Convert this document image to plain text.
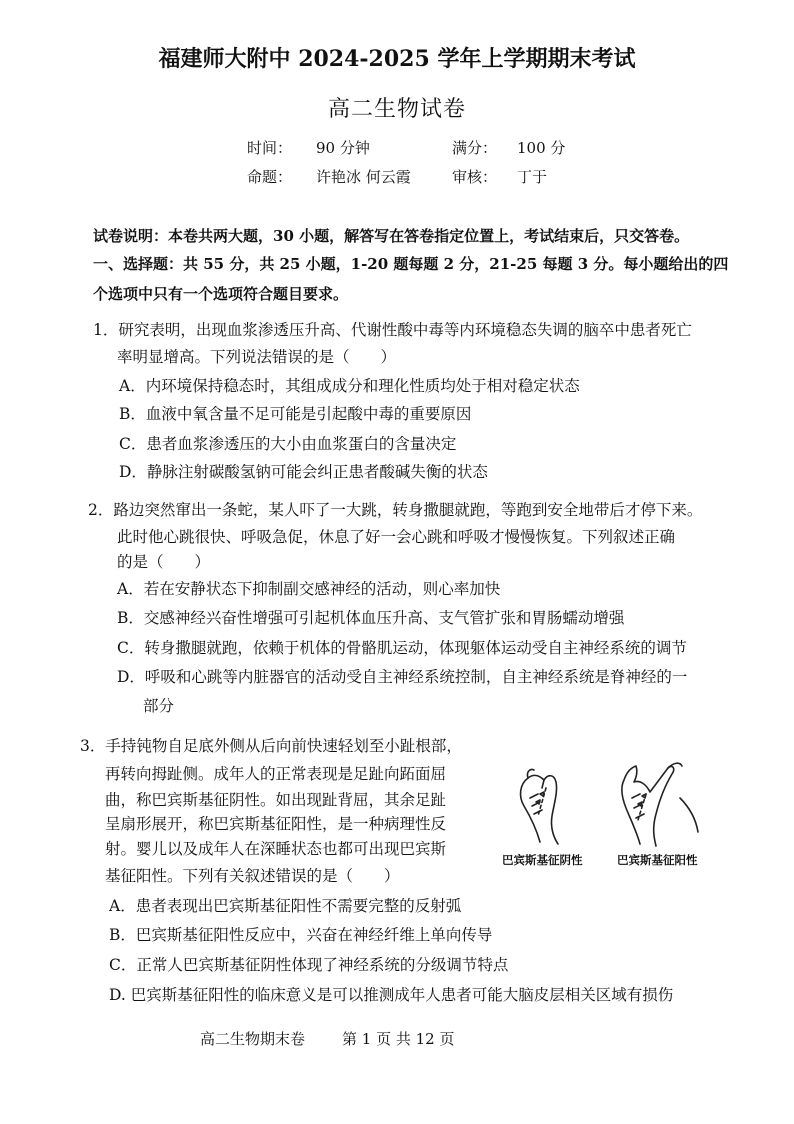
福建师大附中 2024-2025 学年上学期期末考试
高二生物试卷
时间： 90 分钟	满分： 100 分
命题： 许艳冰 何云霞	审核： 丁于
试卷说明：本卷共两大题，30 小题，解答写在答卷指定位置上，考试结束后，只交答卷。
一、选择题：共 55 分，共 25 小题，1-20 题每题 2 分，21-25 每题 3 分。每小题给出的四
个选项中只有一个选项符合题目要求。
1．研究表明，出现血浆渗透压升高、代谢性酸中毒等内环境稳态失调的脑卒中患者死亡
率明显增高。下列说法错误的是（　　）
A．内环境保持稳态时，其组成成分和理化性质均处于相对稳定状态
B．血液中氧含量不足可能是引起酸中毒的重要原因
C．患者血浆渗透压的大小由血浆蛋白的含量决定
D．静脉注射碳酸氢钠可能会纠正患者酸碱失衡的状态
2．路边突然窜出一条蛇，某人吓了一大跳，转身撒腿就跑，等跑到安全地带后才停下来。
此时他心跳很快、呼吸急促，休息了好一会心跳和呼吸才慢慢恢复。下列叙述正确
的是（　　）
A．若在安静状态下抑制副交感神经的活动，则心率加快
B．交感神经兴奋性增强可引起机体血压升高、支气管扩张和胃肠蠕动增强
C．转身撒腿就跑，依赖于机体的骨骼肌运动，体现躯体运动受自主神经系统的调节
D．呼吸和心跳等内脏器官的活动受自主神经系统控制，自主神经系统是脊神经的一
部分
3．手持钝物自足底外侧从后向前快速轻划至小趾根部，
再转向拇趾侧。成年人的正常表现是足趾向跖面屈
曲，称巴宾斯基征阴性。如出现趾背屈，其余足趾
呈扇形展开，称巴宾斯基征阳性，是一种病理性反
射。婴儿以及成年人在深睡状态也都可出现巴宾斯
基征阳性。下列有关叙述错误的是（　　）
巴宾斯基征阴性	巴宾斯基征阳性
A．患者表现出巴宾斯基征阳性不需要完整的反射弧
B．巴宾斯基征阳性反应中，兴奋在神经纤维上单向传导
C．正常人巴宾斯基征阴性体现了神经系统的分级调节特点
D. 巴宾斯基征阳性的临床意义是可以推测成年人患者可能大脑皮层相关区域有损伤
高二生物期末卷 第 1 页 共 12 页
